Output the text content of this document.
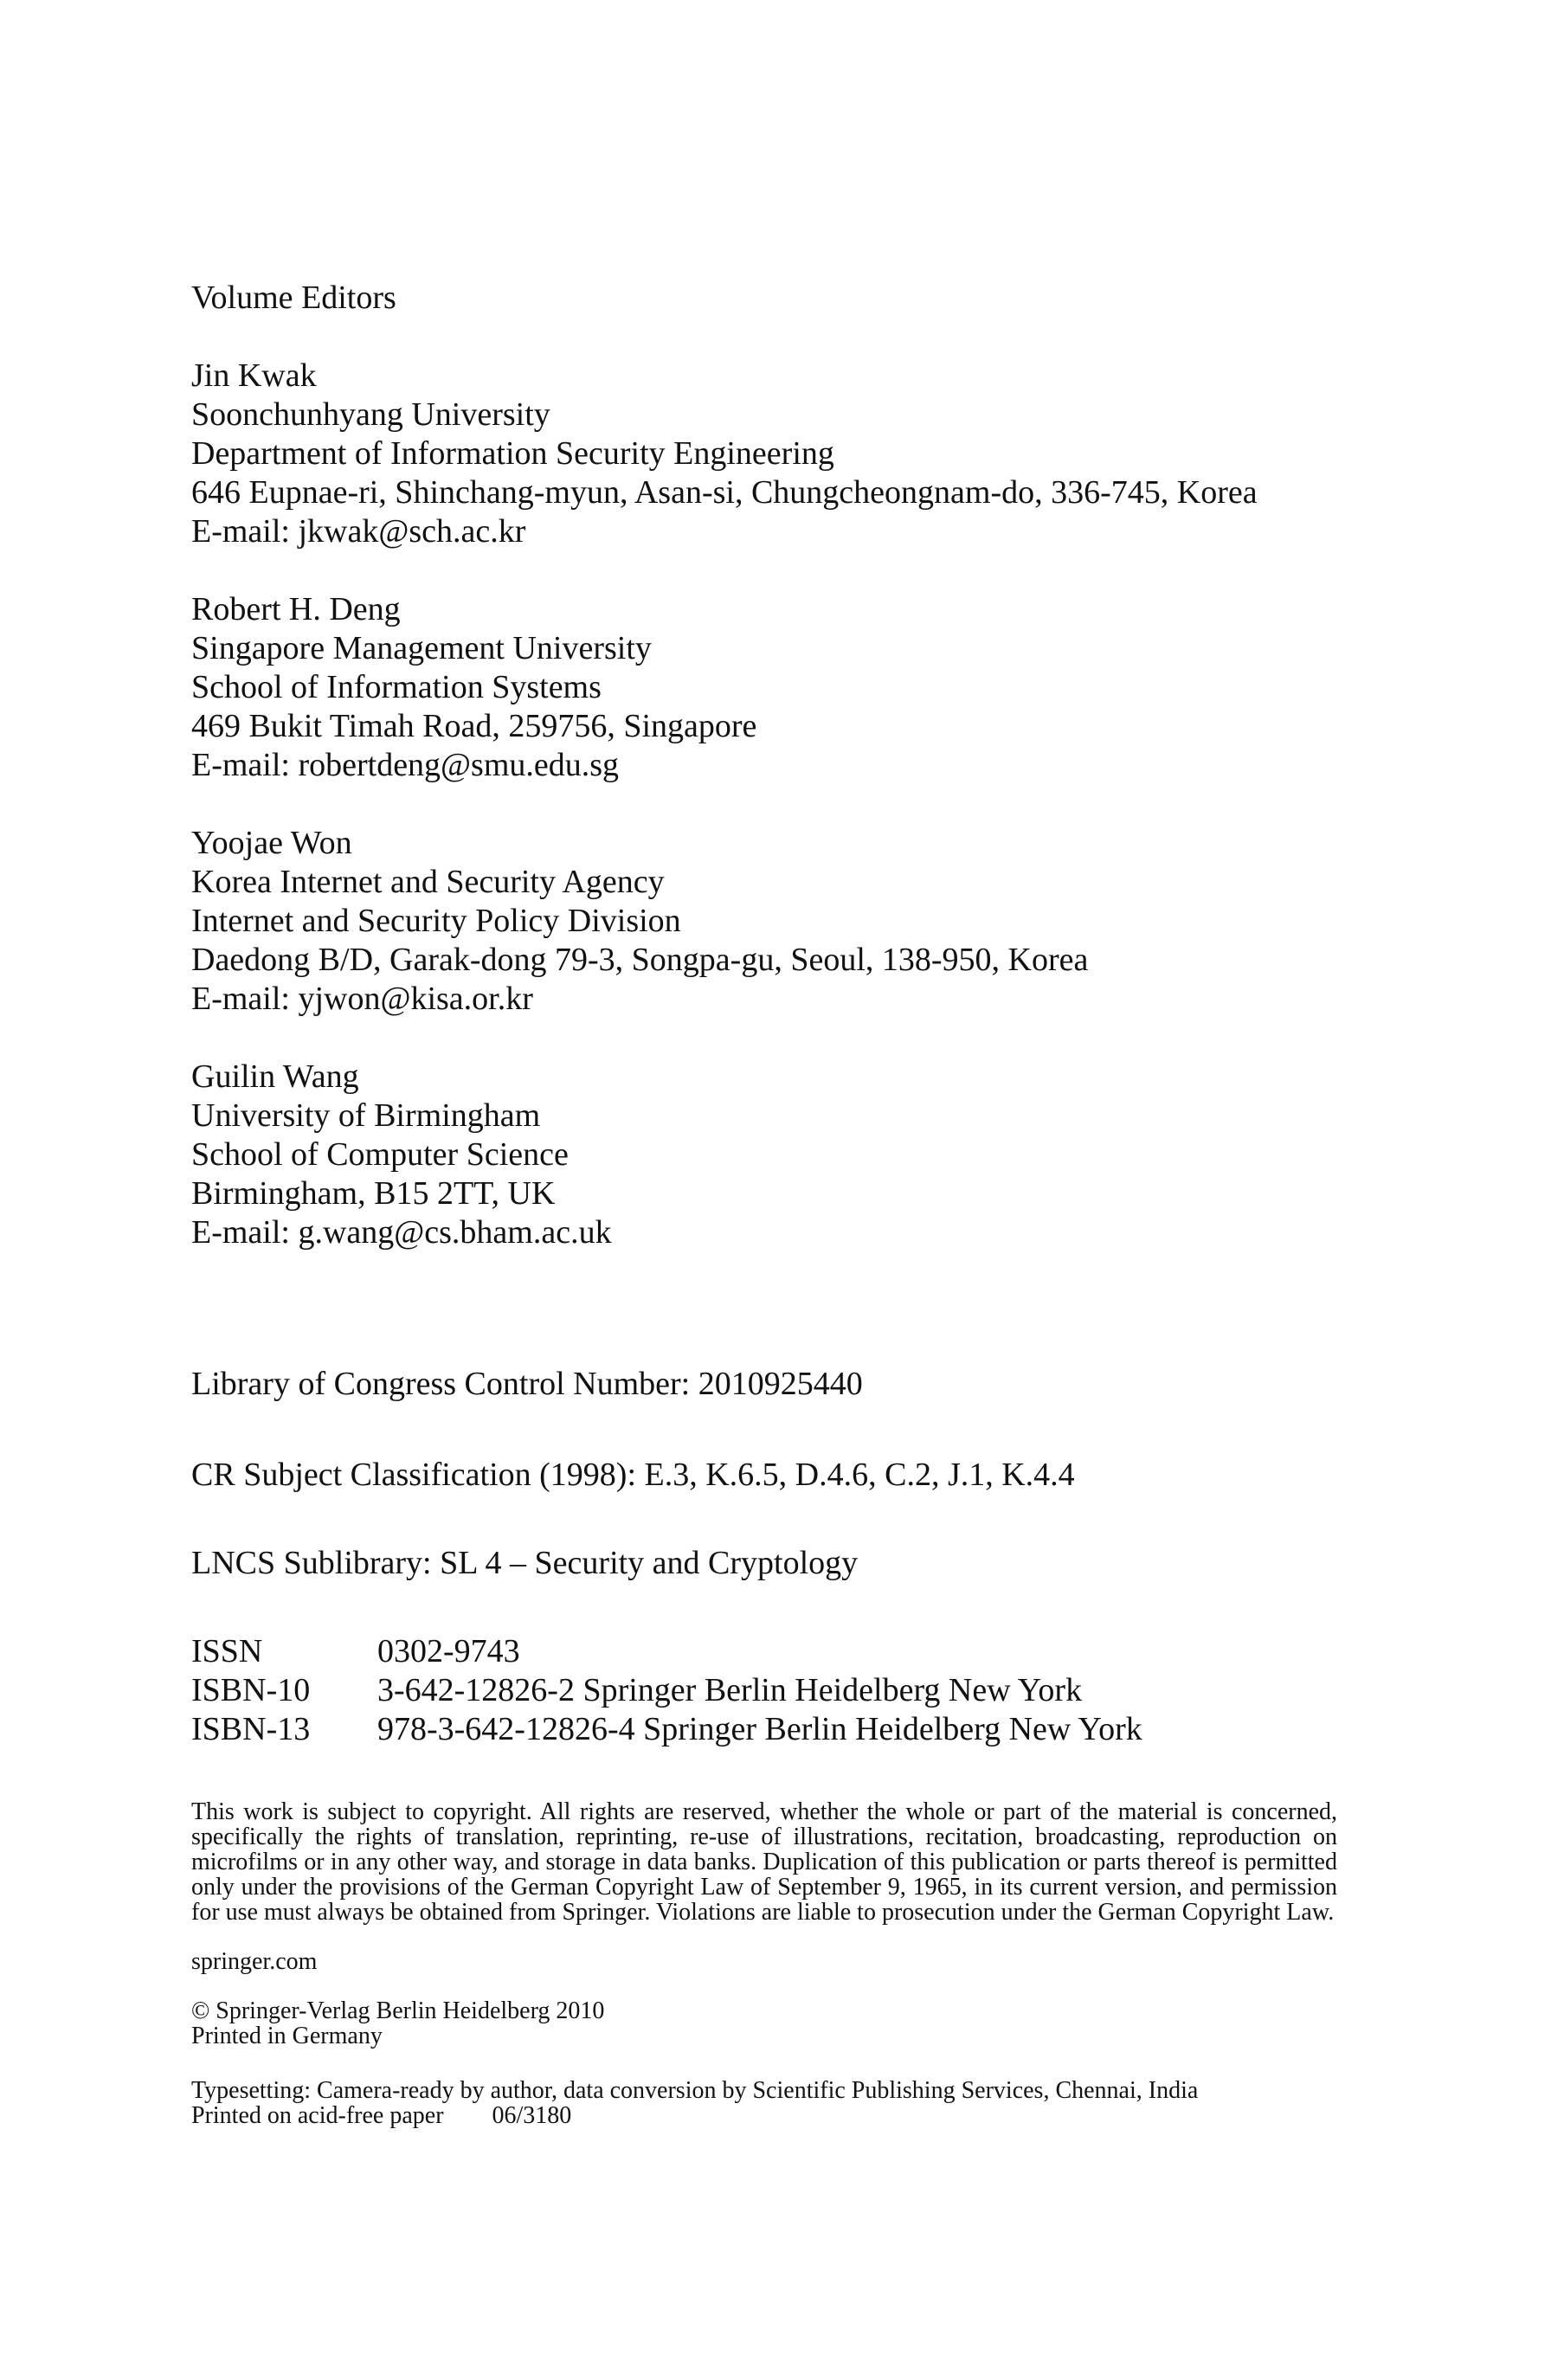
Volume Editors
Jin Kwak
Soonchunhyang University
Department of Information Security Engineering
646 Eupnae-ri, Shinchang-myun, Asan-si, Chungcheongnam-do, 336-745, Korea
E-mail: jkwak@sch.ac.kr
Robert H. Deng
Singapore Management University
School of Information Systems
469 Bukit Timah Road, 259756, Singapore
E-mail: robertdeng@smu.edu.sg
Yoojae Won
Korea Internet and Security Agency
Internet and Security Policy Division
Daedong B/D, Garak-dong 79-3, Songpa-gu, Seoul, 138-950, Korea
E-mail: yjwon@kisa.or.kr
Guilin Wang
University of Birmingham
School of Computer Science
Birmingham, B15 2TT, UK
E-mail: g.wang@cs.bham.ac.uk
Library of Congress Control Number: 2010925440
CR Subject Classification (1998): E.3, K.6.5, D.4.6, C.2, J.1, K.4.4
LNCS Sublibrary: SL 4 – Security and Cryptology
ISSN	0302-9743
ISBN-10	3-642-12826-2 Springer Berlin Heidelberg New York
ISBN-13	978-3-642-12826-4 Springer Berlin Heidelberg New York
This work is subject to copyright. All rights are reserved, whether the whole or part of the material is concerned, specifically the rights of translation, reprinting, re-use of illustrations, recitation, broadcasting, reproduction on microfilms or in any other way, and storage in data banks. Duplication of this publication or parts thereof is permitted only under the provisions of the German Copyright Law of September 9, 1965, in its current version, and permission for use must always be obtained from Springer. Violations are liable to prosecution under the German Copyright Law.
springer.com
© Springer-Verlag Berlin Heidelberg 2010
Printed in Germany
Typesetting: Camera-ready by author, data conversion by Scientific Publishing Services, Chennai, India
Printed on acid-free paper 06/3180
